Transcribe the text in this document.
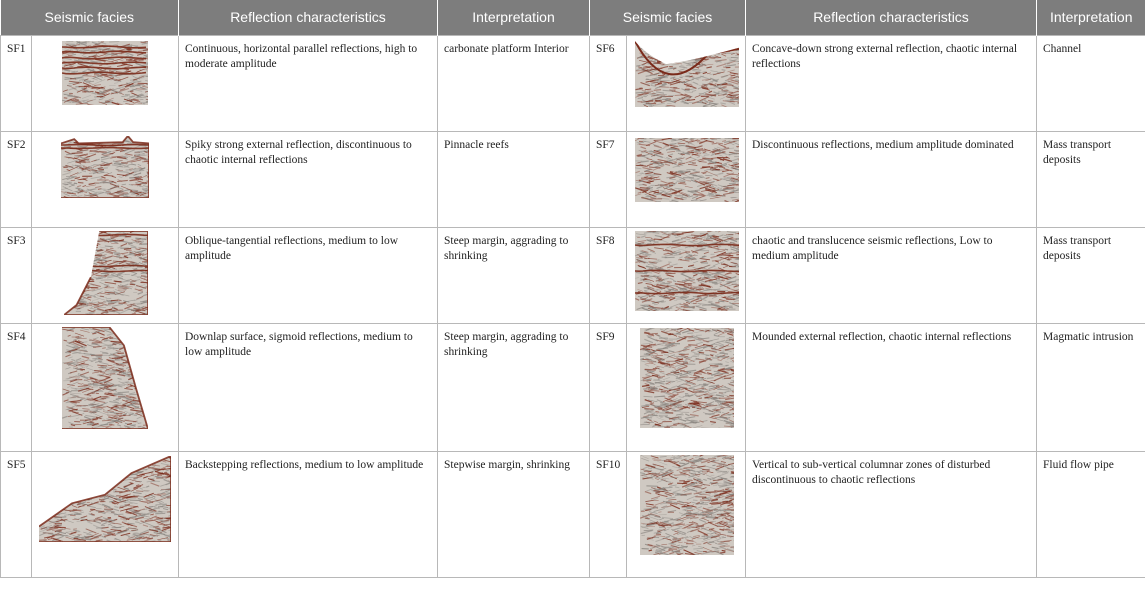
Seismic facies		Reflection characteristics	Interpretation	Seismic facies		Reflection characteristics	Interpretation
SF1		Continuous, horizontal parallel reflections, high to moderate amplitude	carbonate platform Interior	SF6		Concave-down strong external reflection, chaotic internal reflections	Channel
SF2		Spiky strong external reflection, discontinuous to chaotic internal reflections	Pinnacle reefs	SF7		Discontinuous reflections, medium amplitude dominated	Mass transport deposits
SF3		Oblique-tangential reflections, medium to low amplitude	Steep margin, aggrading to shrinking	SF8		chaotic and translucence seismic reflections, Low to medium amplitude	Mass transport deposits
SF4		Downlap surface, sigmoid reflections, medium to low amplitude	Steep margin, aggrading to shrinking	SF9		Mounded external reflection, chaotic internal reflections	Magmatic intrusion
SF5		Backstepping reflections, medium to low amplitude	Stepwise margin, shrinking	SF10		Vertical to sub-vertical columnar zones of disturbed discontinuous to chaotic reflections	Fluid flow pipe
